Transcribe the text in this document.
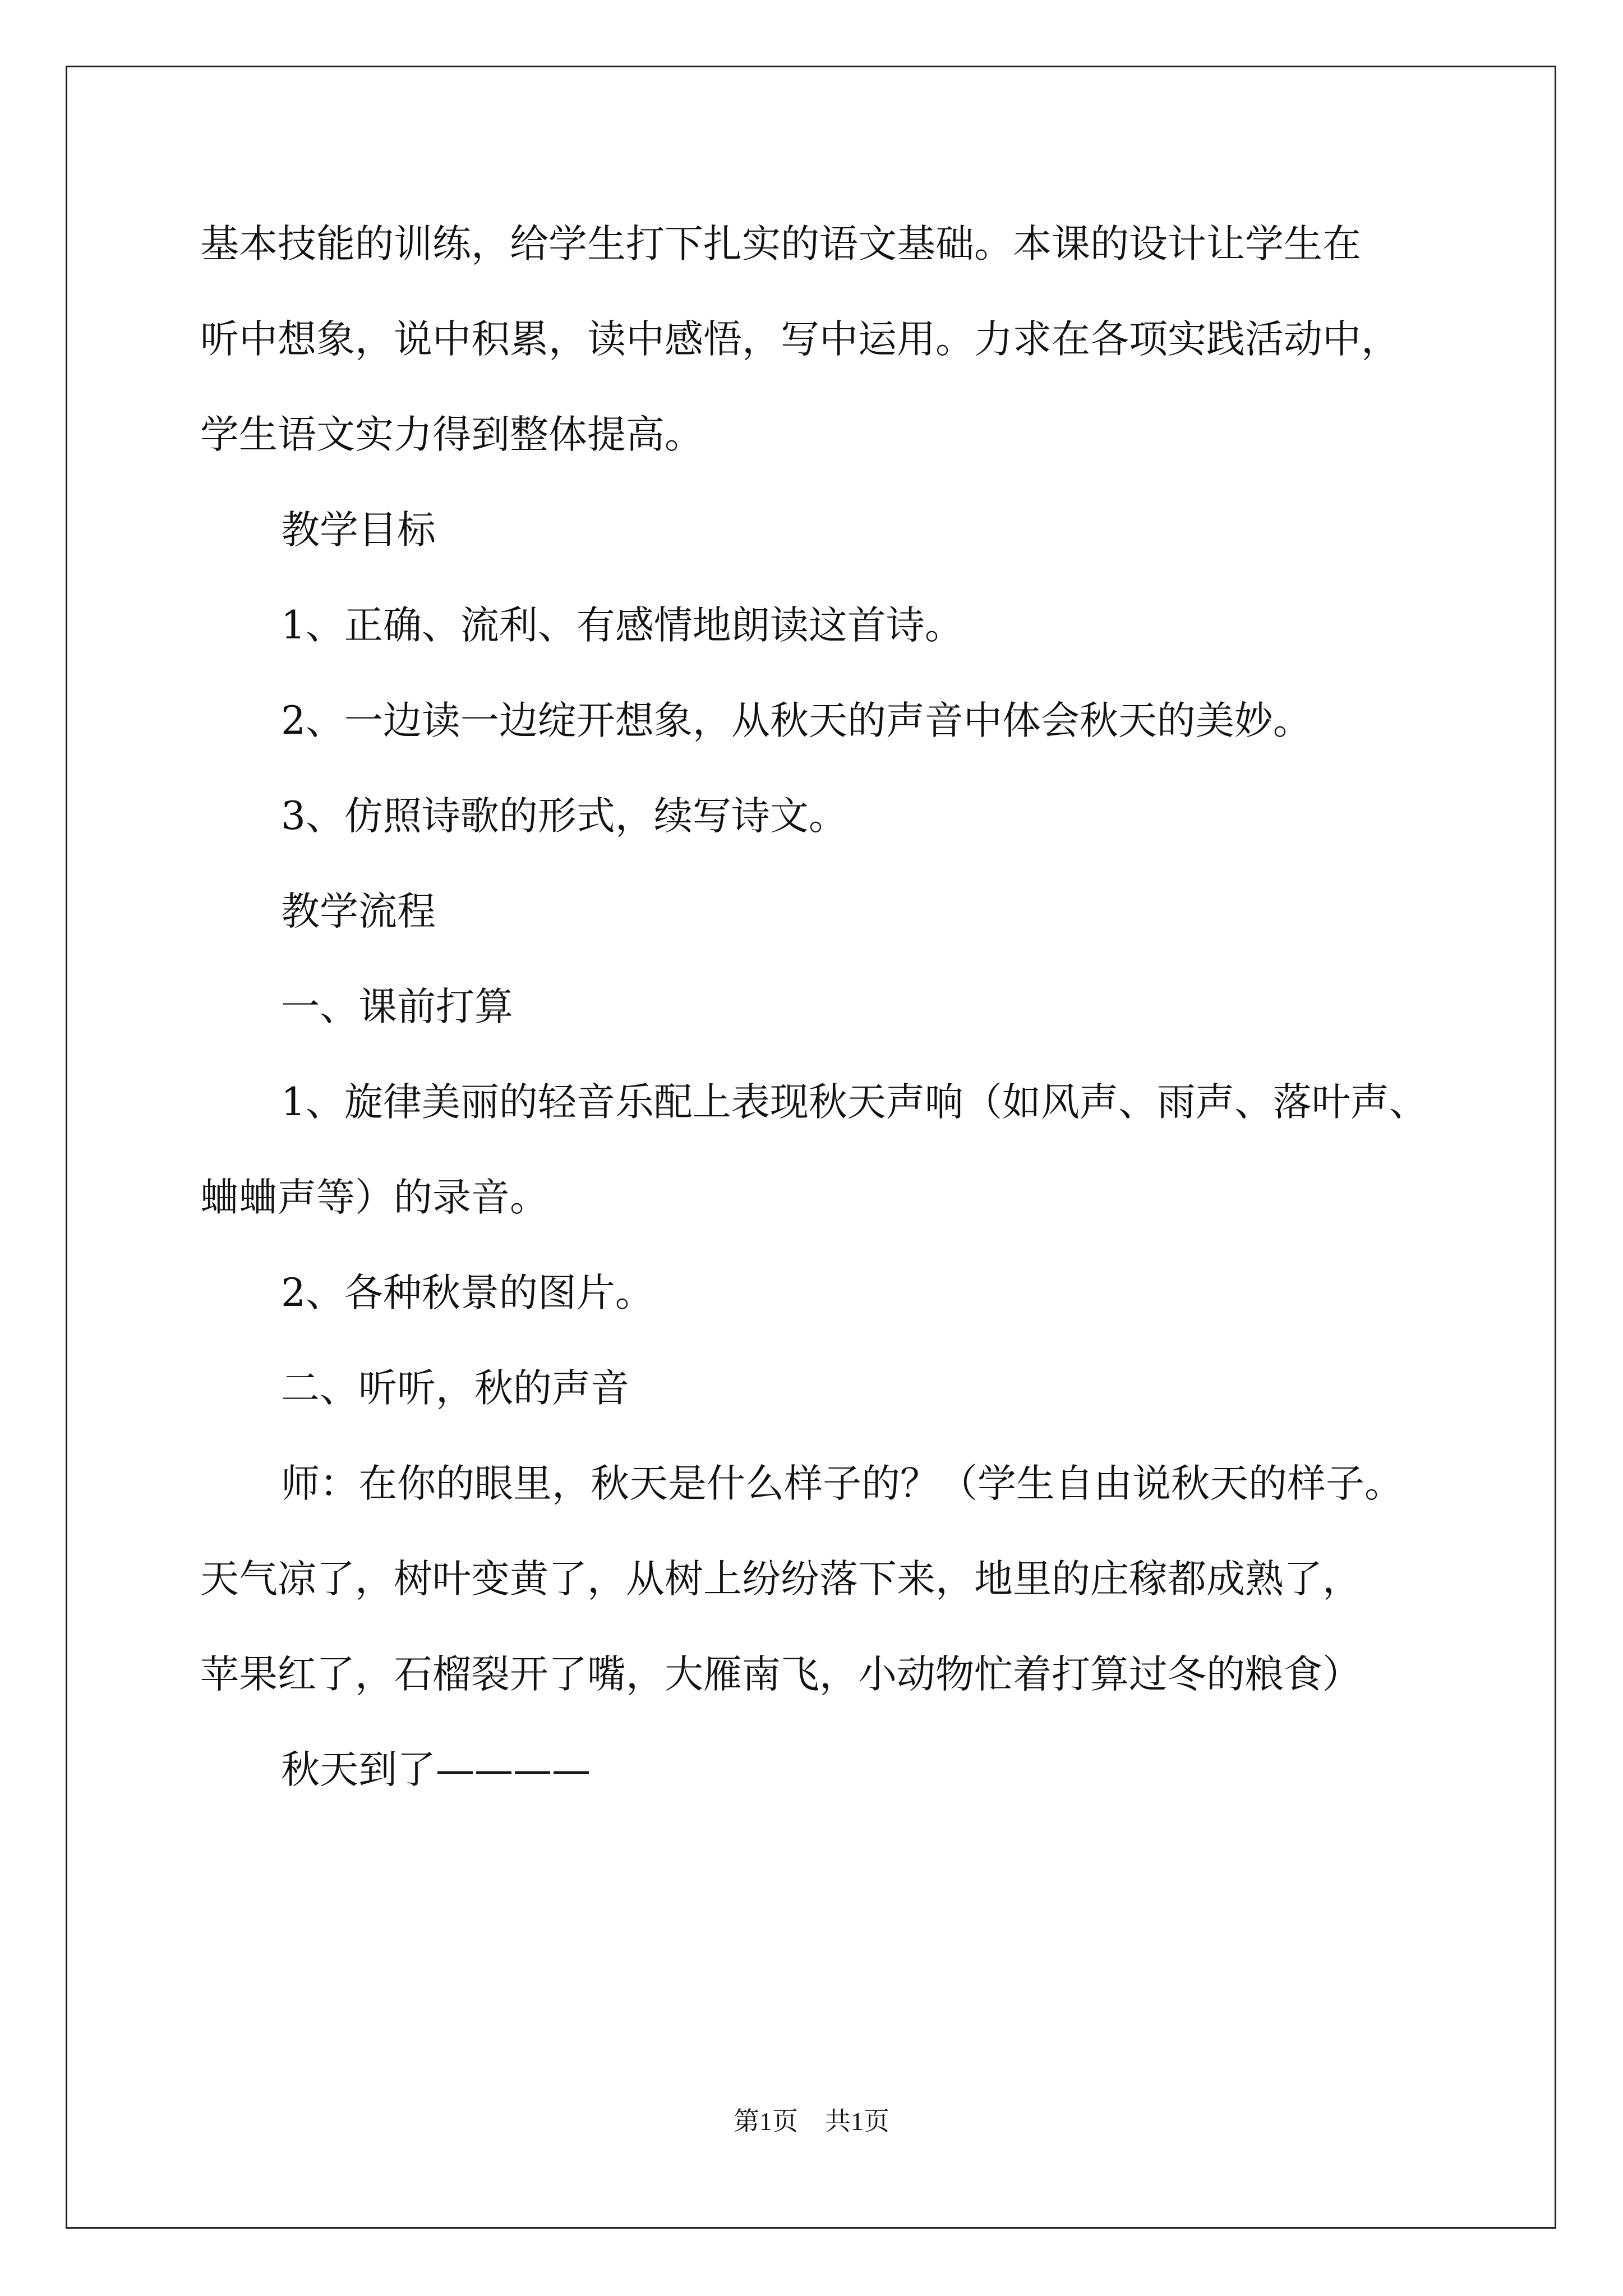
基本技能的训练，给学生打下扎实的语文基础。本课的设计让学生在
听中想象，说中积累，读中感悟，写中运用。力求在各项实践活动中，
学生语文实力得到整体提高。
教学目标
1、正确、流利、有感情地朗读这首诗。
2、一边读一边绽开想象，从秋天的声音中体会秋天的美妙。
3、仿照诗歌的形式，续写诗文。
教学流程
一、课前打算
1、旋律美丽的轻音乐配上表现秋天声响（如风声、雨声、落叶声、
蛐蛐声等）的录音。
2、各种秋景的图片。
二、听听，秋的声音
师：在你的眼里，秋天是什么样子的？（学生自由说秋天的样子。
天气凉了，树叶变黄了，从树上纷纷落下来，地里的庄稼都成熟了，
苹果红了，石榴裂开了嘴，大雁南飞，小动物忙着打算过冬的粮食）
秋天到了————
第1页 共1页
